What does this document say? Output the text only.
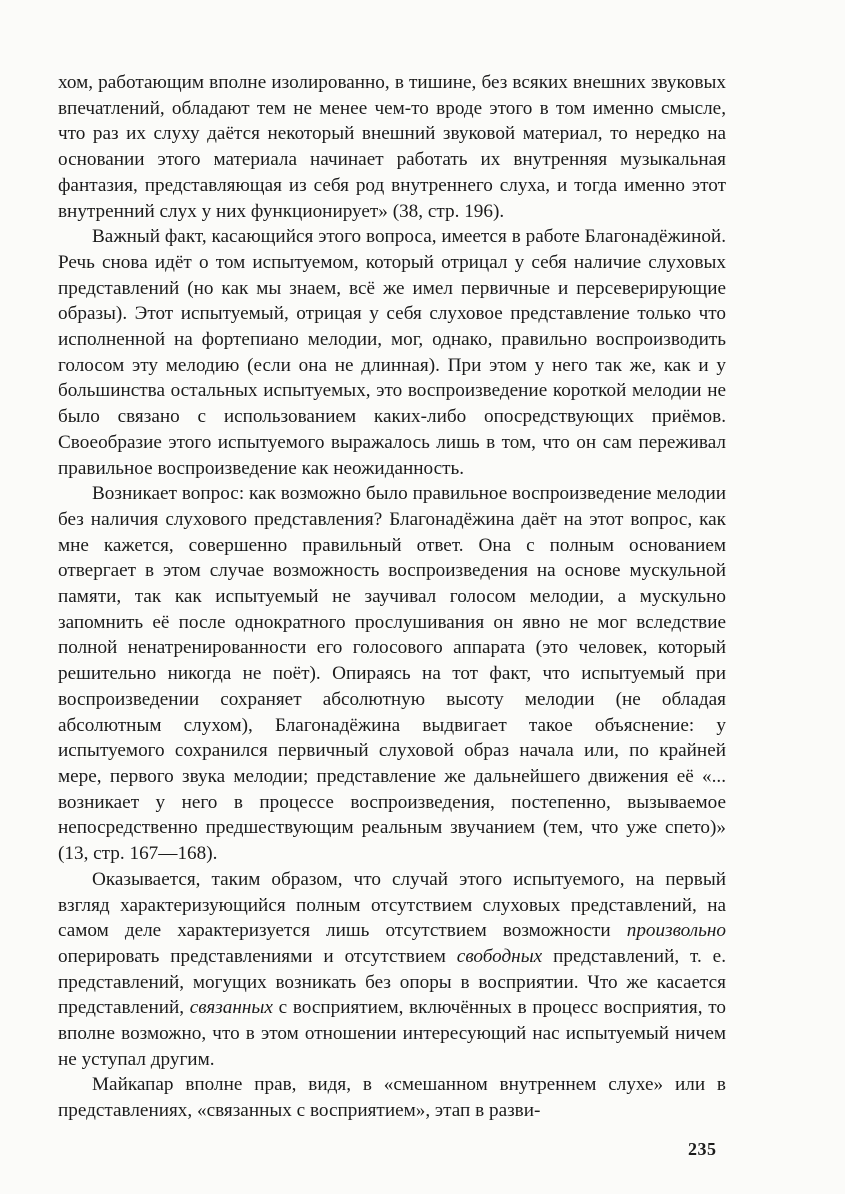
хом, работающим вполне изолированно, в тишине, без всяких внешних звуковых впечатлений, обладают тем не менее чем-то вроде этого в том именно смысле, что раз их слуху даётся некоторый внешний звуковой материал, то нередко на основании этого материала начинает работать их внутренняя музыкальная фантазия, представляющая из себя род внутреннего слуха, и тогда именно этот внутренний слух у них функционирует» (38, стр. 196).

Важный факт, касающийся этого вопроса, имеется в работе Благонадёжиной. Речь снова идёт о том испытуемом, который отрицал у себя наличие слуховых представлений (но как мы знаем, всё же имел первичные и персеверирующие образы). Этот испытуемый, отрицая у себя слуховое представление только что исполненной на фортепиано мелодии, мог, однако, правильно воспроизводить голосом эту мелодию (если она не длинная). При этом у него так же, как и у большинства остальных испытуемых, это воспроизведение короткой мелодии не было связано с использованием каких-либо опосредствующих приёмов. Своеобразие этого испытуемого выражалось лишь в том, что он сам переживал правильное воспроизведение как неожиданность.

Возникает вопрос: как возможно было правильное воспроизведение мелодии без наличия слухового представления? Благонадёжина даёт на этот вопрос, как мне кажется, совершенно правильный ответ. Она с полным основанием отвергает в этом случае возможность воспроизведения на основе мускульной памяти, так как испытуемый не заучивал голосом мелодии, а мускульно запомнить её после однократного прослушивания он явно не мог вследствие полной ненатренированности его голосового аппарата (это человек, который решительно никогда не поёт). Опираясь на тот факт, что испытуемый при воспроизведении сохраняет абсолютную высоту мелодии (не обладая абсолютным слухом), Благонадёжина выдвигает такое объяснение: у испытуемого сохранился первичный слуховой образ начала или, по крайней мере, первого звука мелодии; представление же дальнейшего движения её «... возникает у него в процессе воспроизведения, постепенно, вызываемое непосредственно предшествующим реальным звучанием (тем, что уже спето)» (13, стр. 167—168).

Оказывается, таким образом, что случай этого испытуемого, на первый взгляд характеризующийся полным отсутствием слуховых представлений, на самом деле характеризуется лишь отсутствием возможности произвольно оперировать представлениями и отсутствием свободных представлений, т. е. представлений, могущих возникать без опоры в восприятии. Что же касается представлений, связанных с восприятием, включённых в процесс восприятия, то вполне возможно, что в этом отношении интересующий нас испытуемый ничем не уступал другим.

Майкапар вполне прав, видя, в «смешанном внутреннем слухе» или в представлениях, «связанных с восприятием», этап в разви-

235
